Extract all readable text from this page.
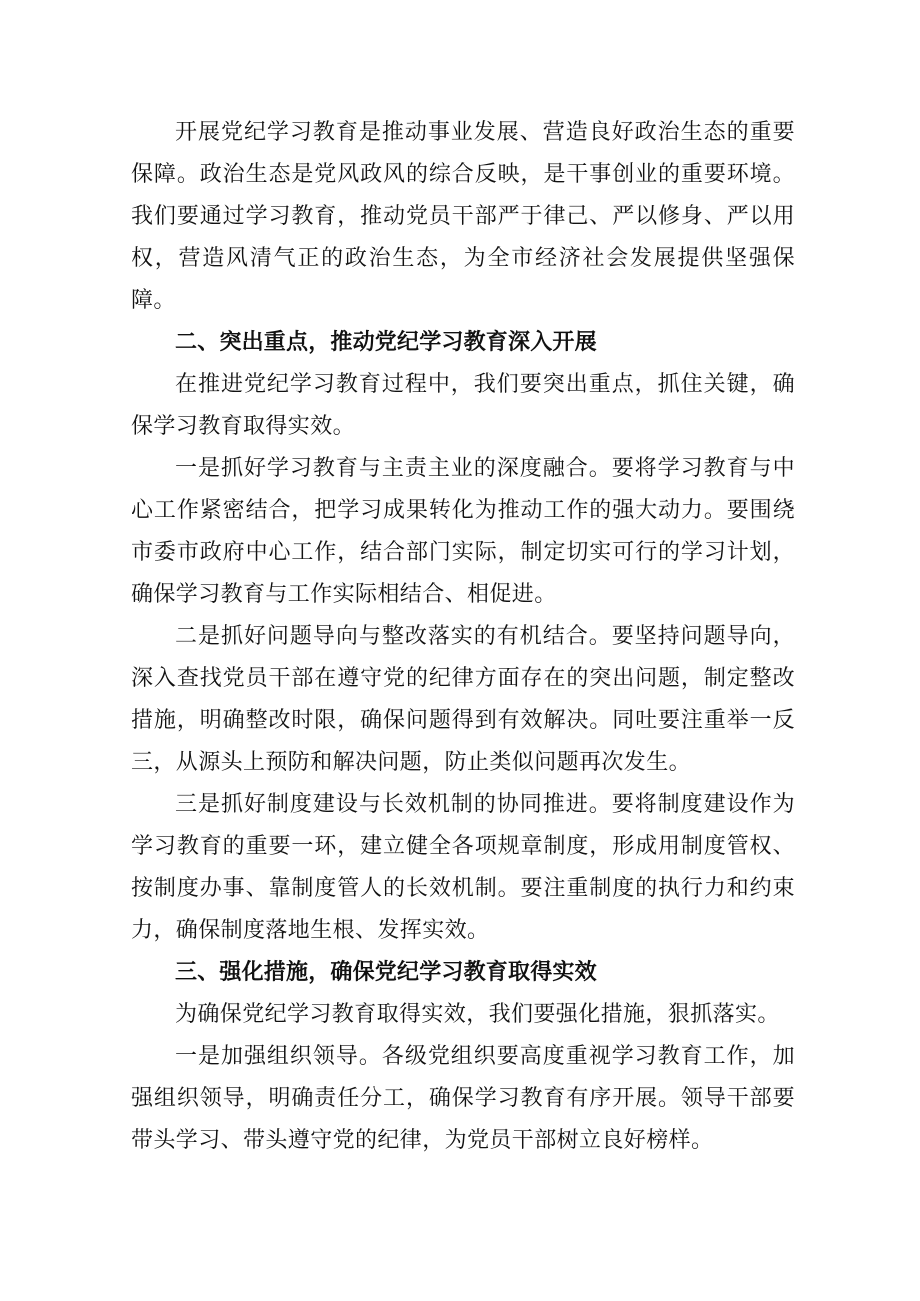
开展党纪学习教育是推动事业发展、营造良好政治生态的重要保障。政治生态是党风政风的综合反映，是干事创业的重要环境。我们要通过学习教育，推动党员干部严于律己、严以修身、严以用权，营造风清气正的政治生态，为全市经济社会发展提供坚强保障。

二、突出重点，推动党纪学习教育深入开展

在推进党纪学习教育过程中，我们要突出重点，抓住关键，确保学习教育取得实效。

一是抓好学习教育与主责主业的深度融合。要将学习教育与中心工作紧密结合，把学习成果转化为推动工作的强大动力。要围绕市委市政府中心工作，结合部门实际，制定切实可行的学习计划，确保学习教育与工作实际相结合、相促进。

二是抓好问题导向与整改落实的有机结合。要坚持问题导向，深入查找党员干部在遵守党的纪律方面存在的突出问题，制定整改措施，明确整改时限，确保问题得到有效解决。同吐要注重举一反三，从源头上预防和解决问题，防止类似问题再次发生。

三是抓好制度建设与长效机制的协同推进。要将制度建设作为学习教育的重要一环，建立健全各项规章制度，形成用制度管权、按制度办事、靠制度管人的长效机制。要注重制度的执行力和约束力，确保制度落地生根、发挥实效。

三、强化措施，确保党纪学习教育取得实效

为确保党纪学习教育取得实效，我们要强化措施，狠抓落实。

一是加强组织领导。各级党组织要高度重视学习教育工作，加强组织领导，明确责任分工，确保学习教育有序开展。领导干部要带头学习、带头遵守党的纪律，为党员干部树立良好榜样。
